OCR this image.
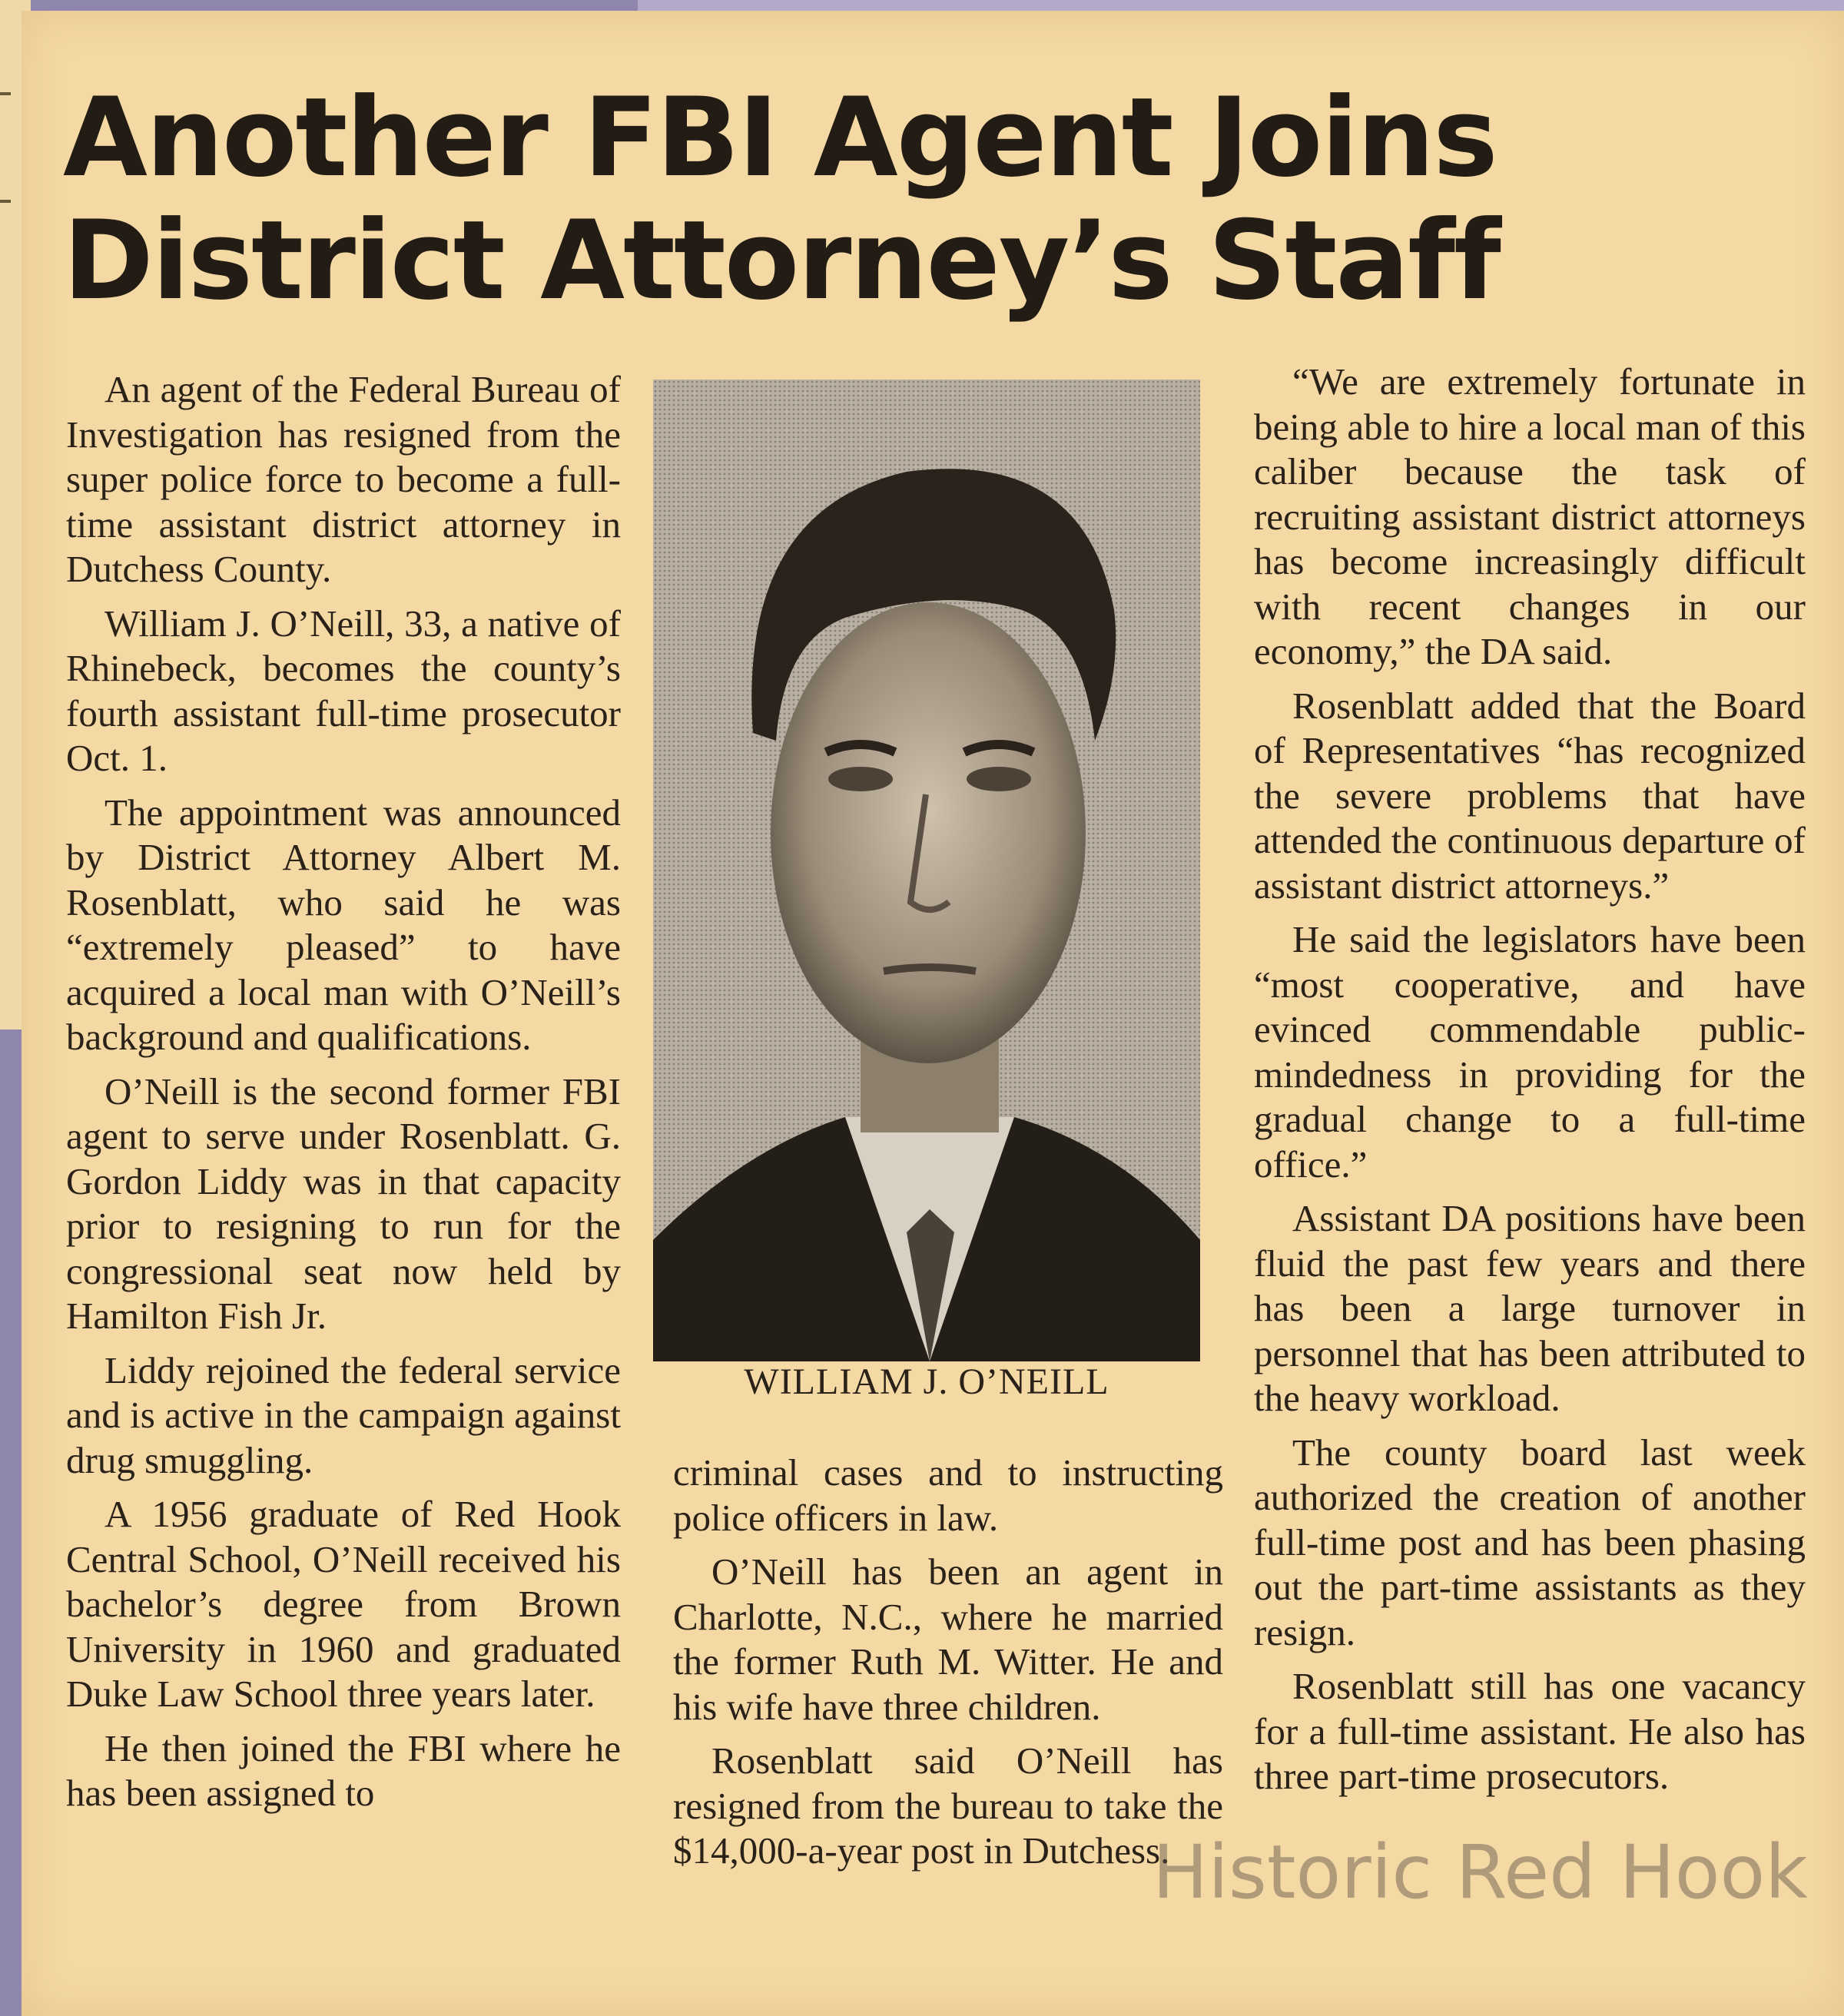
Another FBI Agent Joins

District Attorney’s Staff

An agent of the Federal Bureau of Investigation has resigned from the super police force to become a full-time assistant district attorney in Dutchess County.

William J. O’Neill, 33, a native of Rhinebeck, becomes the county’s fourth assistant full-time prosecutor Oct. 1.

The appointment was announced by District Attorney Albert M. Rosenblatt, who said he was “extremely pleased” to have acquired a local man with O’Neill’s background and qualifications.

O’Neill is the second former FBI agent to serve under Rosenblatt. G. Gordon Liddy was in that capacity prior to resigning to run for the congressional seat now held by Hamilton Fish Jr.

Liddy rejoined the federal service and is active in the campaign against drug smuggling.

A 1956 graduate of Red Hook Central School, O’Neill received his bachelor’s degree from Brown University in 1960 and graduated Duke Law School three years later.

He then joined the FBI where he has been assigned to

WILLIAM J. O’NEILL

criminal cases and to instructing police officers in law.

O’Neill has been an agent in Charlotte, N.C., where he married the former Ruth M. Witter. He and his wife have three children.

Rosenblatt said O’Neill has resigned from the bureau to take the $14,000-a-year post in Dutchess.

“We are extremely fortunate in being able to hire a local man of this caliber because the task of recruiting assistant district attorneys has become increasingly difficult with recent changes in our economy,” the DA said.

Rosenblatt added that the Board of Representatives “has recognized the severe problems that have attended the continuous departure of assistant district attorneys.”

He said the legislators have been “most cooperative, and have evinced commendable public-mindedness in providing for the gradual change to a full-time office.”

Assistant DA positions have been fluid the past few years and there has been a large turnover in personnel that has been attributed to the heavy workload.

The county board last week authorized the creation of another full-time post and has been phasing out the part-time assistants as they resign.

Rosenblatt still has one vacancy for a full-time assistant. He also has three part-time prosecutors.

Historic Red Hook
